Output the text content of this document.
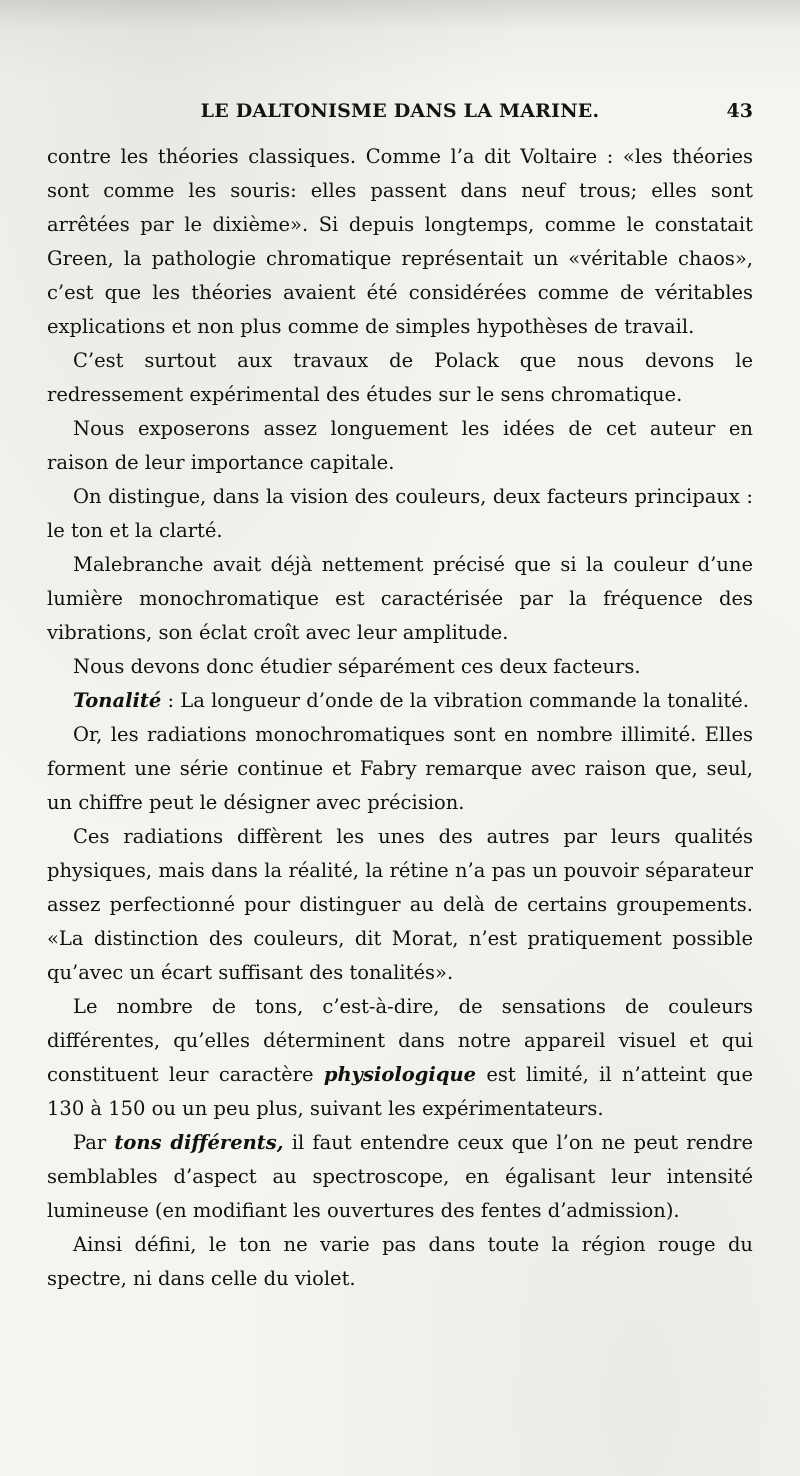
LE DALTONISME DANS LA MARINE.	43

contre les théories classiques. Comme l’a dit Voltaire : «les théories sont comme les souris: elles passent dans neuf trous; elles sont arrêtées par le dixième». Si depuis longtemps, comme le constatait Green, la pathologie chromatique représentait un «véritable chaos», c’est que les théories avaient été considérées comme de véritables explications et non plus comme de simples hypothèses de travail.

C’est surtout aux travaux de Polack que nous devons le redressement expérimental des études sur le sens chromatique.

Nous exposerons assez longuement les idées de cet auteur en raison de leur importance capitale.

On distingue, dans la vision des couleurs, deux facteurs principaux : le ton et la clarté.

Malebranche avait déjà nettement précisé que si la couleur d’une lumière monochromatique est caractérisée par la fréquence des vibrations, son éclat croît avec leur amplitude.

Nous devons donc étudier séparément ces deux facteurs.

Tonalité : La longueur d’onde de la vibration commande la tonalité.

Or, les radiations monochromatiques sont en nombre illimité. Elles forment une série continue et Fabry remarque avec raison que, seul, un chiffre peut le désigner avec précision.

Ces radiations diffèrent les unes des autres par leurs qualités physiques, mais dans la réalité, la rétine n’a pas un pouvoir séparateur assez perfectionné pour distinguer au delà de certains groupements. «La distinction des couleurs, dit Morat, n’est pratiquement possible qu’avec un écart suffisant des tonalités».

Le nombre de tons, c’est-à-dire, de sensations de couleurs différentes, qu’elles déterminent dans notre appareil visuel et qui constituent leur caractère physiologique est limité, il n’atteint que 130 à 150 ou un peu plus, suivant les expérimentateurs.

Par tons différents, il faut entendre ceux que l’on ne peut rendre semblables d’aspect au spectroscope, en égalisant leur intensité lumineuse (en modifiant les ouvertures des fentes d’admission).

Ainsi défini, le ton ne varie pas dans toute la région rouge du spectre, ni dans celle du violet.
